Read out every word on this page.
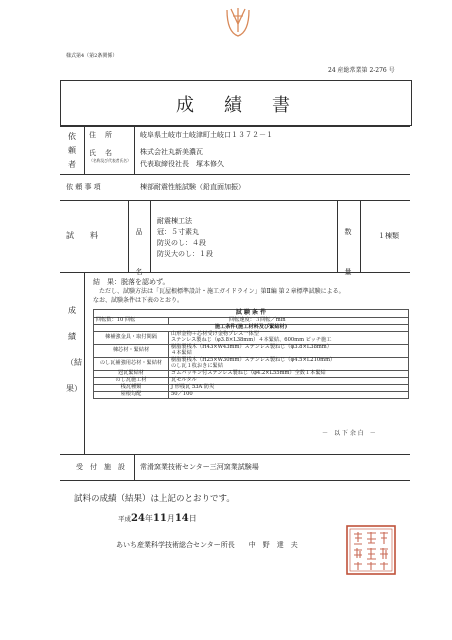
様式第4（第2条関係）
24 産総常業第 2-276 号
成　績　書
依頼者
住　所	岐阜県土岐市土岐津町土岐口１３７２－１
氏　名
（名称及び代表者氏名）
株式会社丸新美濃瓦
代表取締役社長　塚本修久
依 頼 事 項	棟部耐震性能試験（鉛直面加振）
試　　料	品　　名
耐震棟工法
冠：５寸素丸
防災のし：４段
防災大のし：１段
数　量
１棟類
成　績　（結　果）
結　果：脱落を認めず。
ただし、試験方法は「瓦屋根標準設計・施工ガイドライン」第Ⅱ編 第２章標準試験による。
なお、試験条件は下表のとおり。
試 験 条 件	
回転数：10 回転	回転速度：３回転／min
施工条件(施工材料及び緊結材)	
棟補強金具・取付間隔	山形金物＋芯材受け金物プレス一体型
ステンレス製ねじ（φ3.8×L38mm）４本緊結、600mm ピッチ施工

棟芯材・緊結材	樹脂製桟木（H43×W43mm）ステンレス製ねじ（φ3.8×L38mm）
４本緊結

のし瓦補強用芯材・緊結材	樹脂製桟木（H25×W30mm）ステンレス製ねじ（φ4.5×L210mm）
のし瓦１枚おきに緊結

冠瓦緊結材	ゴムパッキン付ステンレス製ねじ（φ4.2×L55mm）全数１本緊結
のし瓦施工材	瓦モルタル
桟瓦種類	J 形桟瓦 53A 防災
屋根勾配	50／100
－　以 下 余 白　－
受　付　施　設 常滑窯業技術センター三河窯業試験場
試料の成績（結果）は上記のとおりです。
平成24年11月14日
あいち産業科学技術総合センター所長　　中　野　達　夫
